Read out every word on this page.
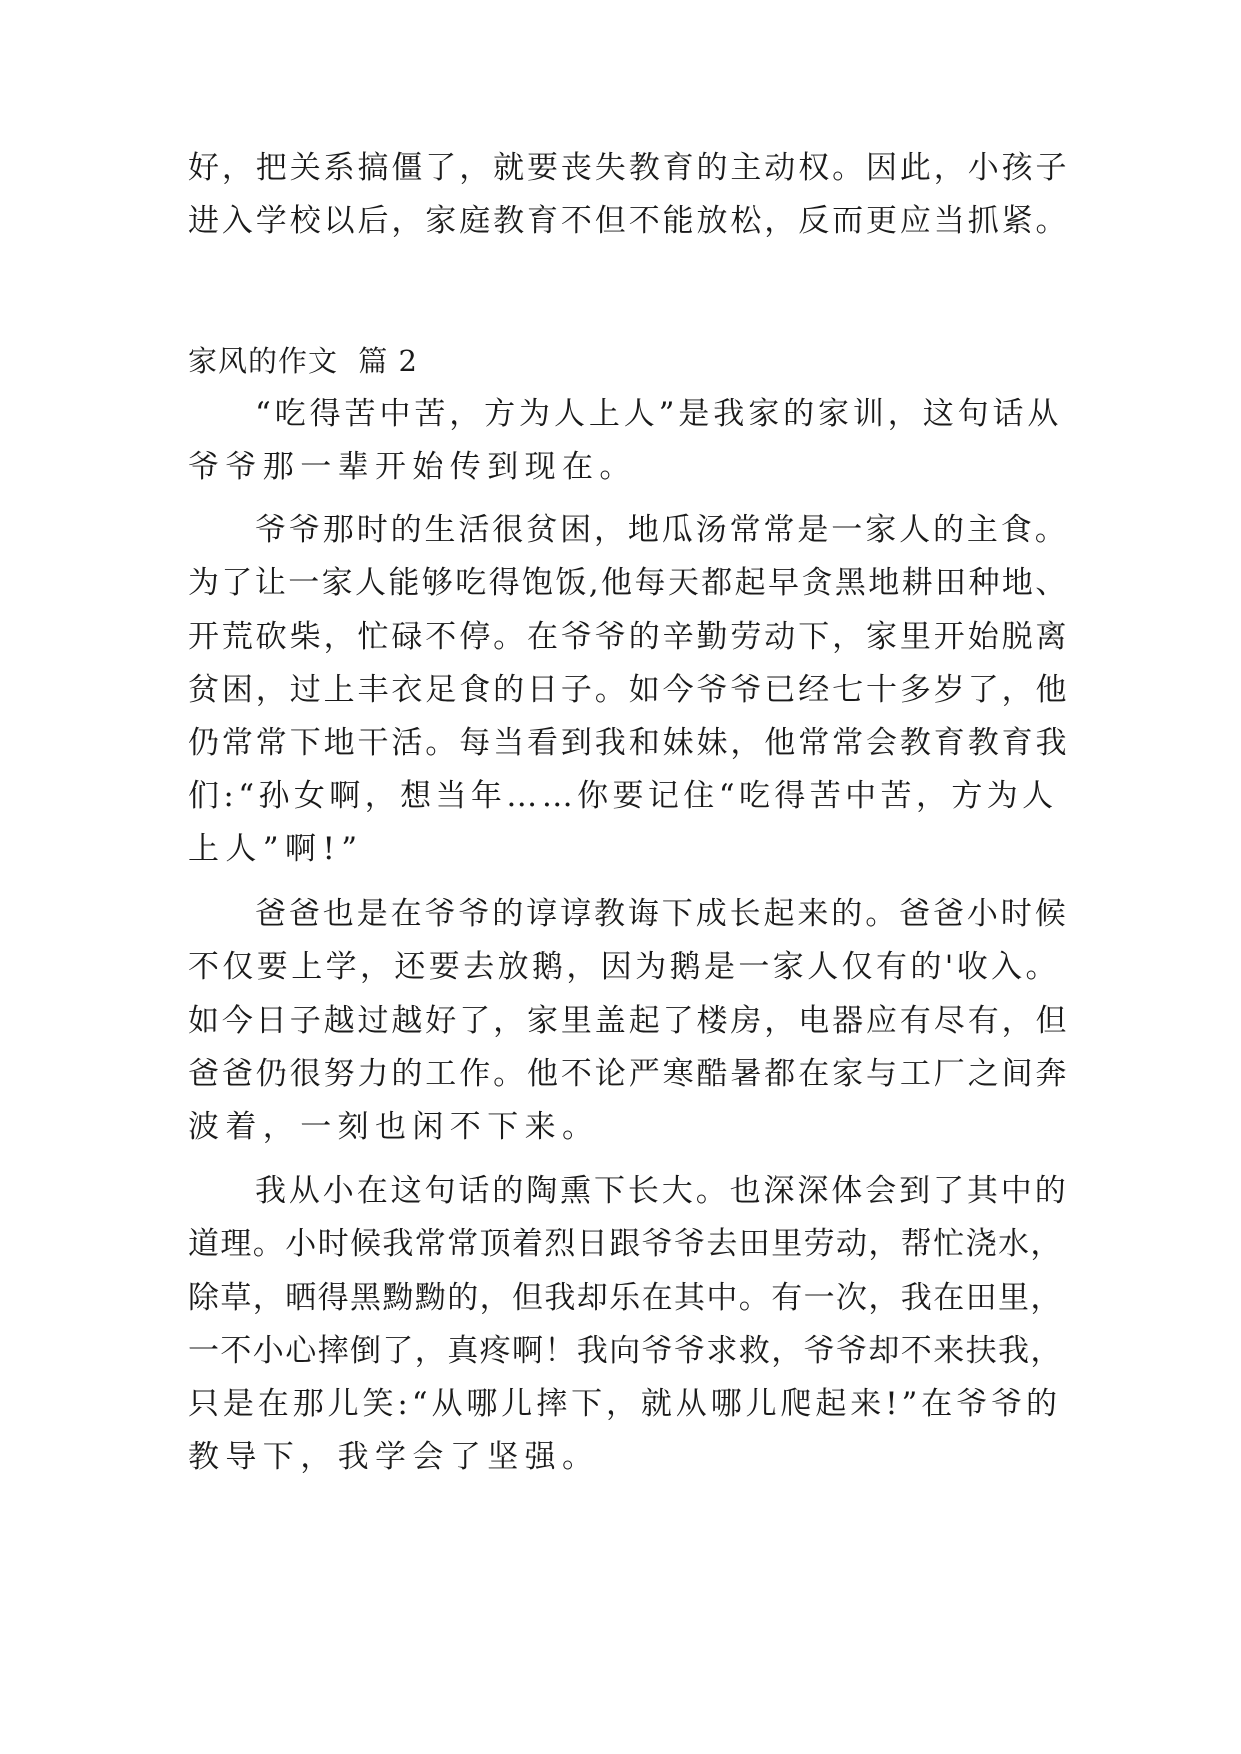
好，把关系搞僵了，就要丧失教育的主动权。因此，小孩子
进入学校以后，家庭教育不但不能放松，反而更应当抓紧。
家风的作文 篇 2
“吃得苦中苦，方为人上人”是我家的家训，这句话从
爷爷那一辈开始传到现在。
爷爷那时的生活很贫困，地瓜汤常常是一家人的主食。
为了让一家人能够吃得饱饭,他每天都起早贪黑地耕田种地、
开荒砍柴，忙碌不停。在爷爷的辛勤劳动下，家里开始脱离
贫困，过上丰衣足食的日子。如今爷爷已经七十多岁了，他
仍常常下地干活。每当看到我和妹妹，他常常会教育教育我
们:“孙女啊，想当年……你要记住“吃得苦中苦，方为人
上人”啊!”
爸爸也是在爷爷的谆谆教诲下成长起来的。爸爸小时候
不仅要上学，还要去放鹅，因为鹅是一家人仅有的'收入。
如今日子越过越好了，家里盖起了楼房，电器应有尽有，但
爸爸仍很努力的工作。他不论严寒酷暑都在家与工厂之间奔
波着，一刻也闲不下来。
我从小在这句话的陶熏下长大。也深深体会到了其中的
道理。小时候我常常顶着烈日跟爷爷去田里劳动，帮忙浇水，
除草，晒得黑黝黝的，但我却乐在其中。有一次，我在田里，
一不小心摔倒了，真疼啊！我向爷爷求救，爷爷却不来扶我，
只是在那儿笑:“从哪儿摔下，就从哪儿爬起来!”在爷爷的
教导下，我学会了坚强。
